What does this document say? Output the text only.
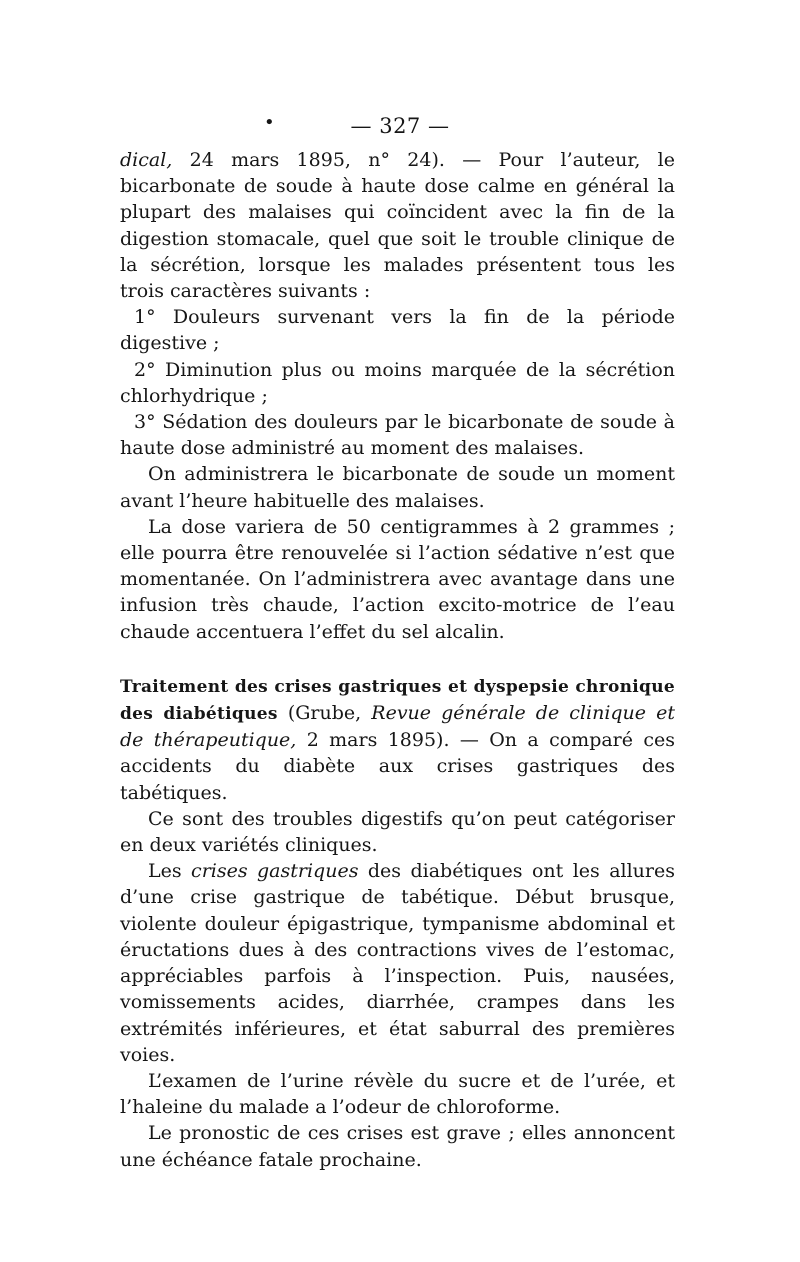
•	— 327 —

dical, 24 mars 1895, n° 24). — Pour l’auteur, le bicarbonate de soude à haute dose calme en général la plupart des malaises qui coïncident avec la fin de la digestion stomacale, quel que soit le trouble clinique de la sécrétion, lorsque les malades présentent tous les trois caractères suivants :

1° Douleurs survenant vers la fin de la période digestive ;

2° Diminution plus ou moins marquée de la sécrétion chlorhydrique ;

3° Sédation des douleurs par le bicarbonate de soude à haute dose administré au moment des malaises.

On administrera le bicarbonate de soude un moment avant l’heure habituelle des malaises.

La dose variera de 50 centigrammes à 2 grammes ; elle pourra être renouvelée si l’action sédative n’est que momentanée. On l’administrera avec avantage dans une infusion très chaude, l’action excito-motrice de l’eau chaude accentuera l’effet du sel alcalin.

Traitement des crises gastriques et dyspepsie chronique des diabétiques (Grube, Revue générale de clinique et de thérapeutique, 2 mars 1895). — On a comparé ces accidents du diabète aux crises gastriques des tabétiques.

Ce sont des troubles digestifs qu’on peut catégoriser en deux variétés cliniques.

Les crises gastriques des diabétiques ont les allures d’une crise gastrique de tabétique. Début brusque, violente douleur épigastrique, tympanisme abdominal et éructations dues à des contractions vives de l’estomac, appréciables parfois à l’inspection. Puis, nausées, vomissements acides, diarrhée, crampes dans les extrémités inférieures, et état saburral des premières voies.

L’examen de l’urine révèle du sucre et de l’urée, et l’haleine du malade a l’odeur de chloroforme.

Le pronostic de ces crises est grave ; elles annoncent une échéance fatale prochaine.
